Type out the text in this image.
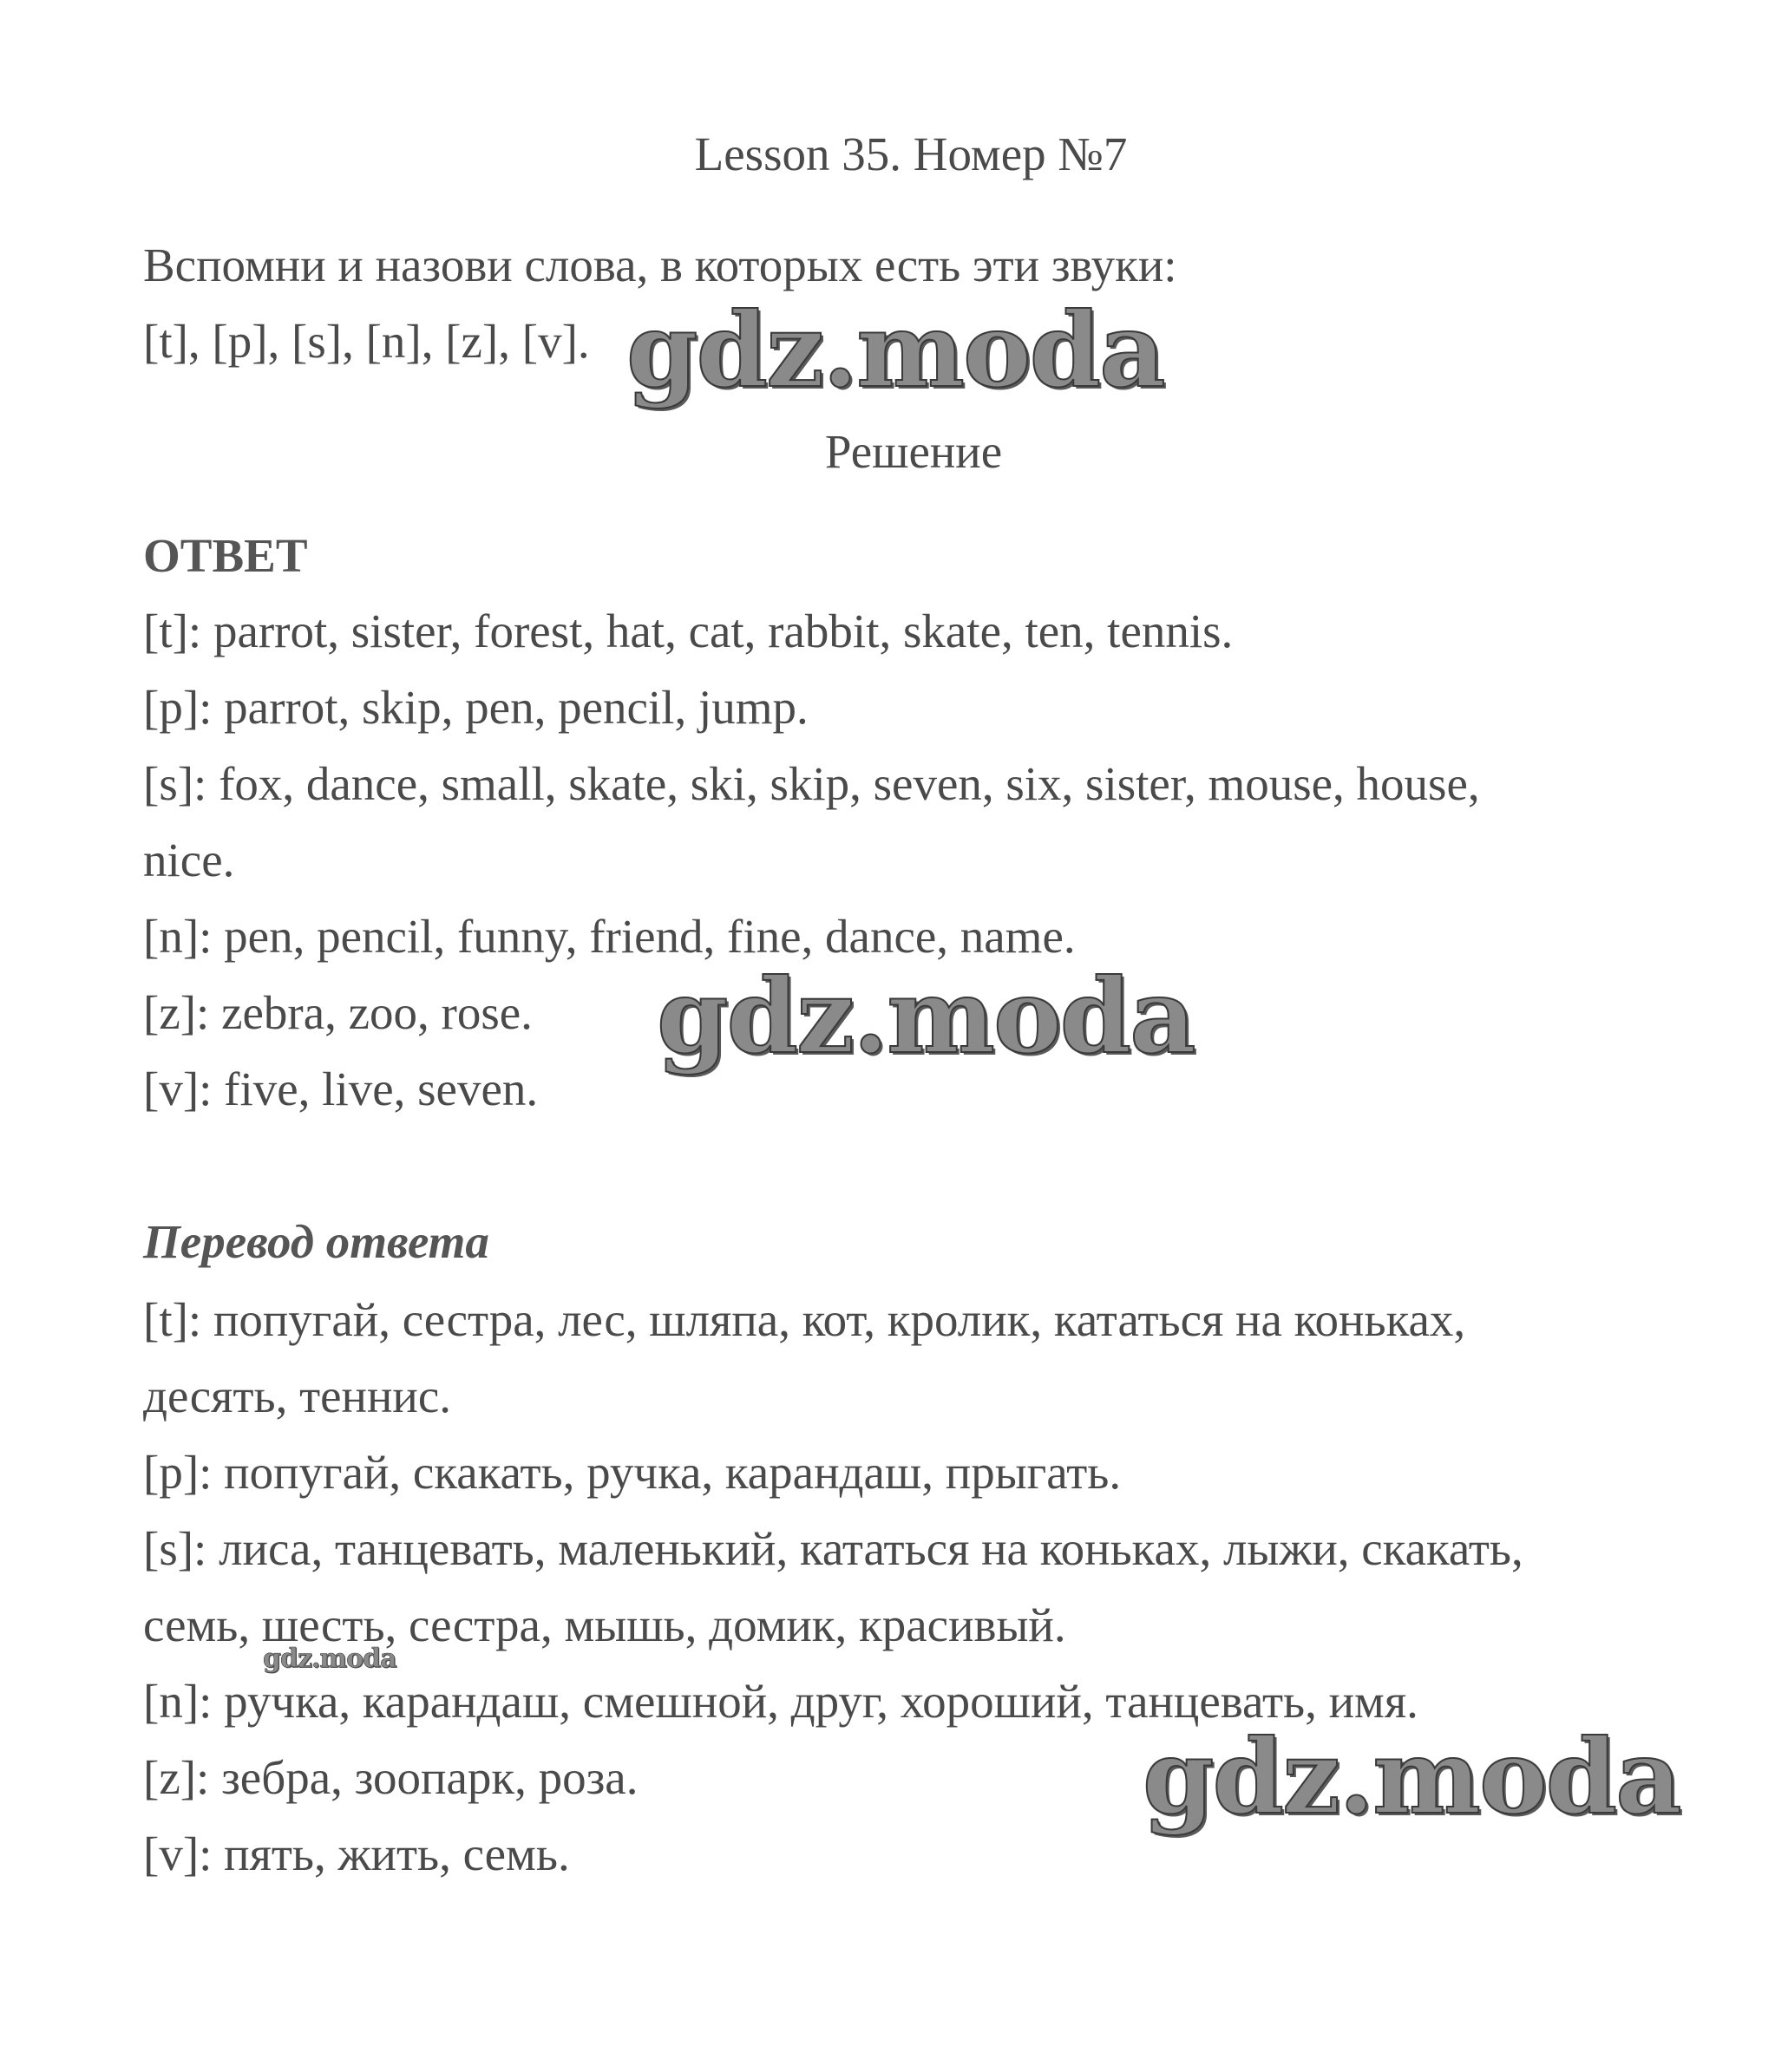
Lesson 35. Номер №7
Вспомни и назови слова, в которых есть эти звуки:
[t], [p], [s], [n], [z], [v]. gdz.moda
Решение
ОТВЕТ
[t]: parrot, sister, forest, hat, cat, rabbit, skate, ten, tennis.
[p]: parrot, skip, pen, pencil, jump.
[s]: fox, dance, small, skate, ski, skip, seven, six, sister, mouse, house,
nice.
[n]: pen, pencil, funny, friend, fine, dance, name.
[z]: zebra, zoo, rose.
[v]: five, live, seven.
gdz.moda
Перевод ответа
[t]: попугай, сестра, лес, шляпа, кот, кролик, кататься на коньках,
десять, теннис.
[p]: попугай, скакать, ручка, карандаш, прыгать.
[s]: лиса, танцевать, маленький, кататься на коньках, лыжи, скакать,
семь, шесть, сестра, мышь, домик, красивый.
[n]: ручка, карандаш, смешной, друг, хороший, танцевать, имя.
[z]: зебра, зоопарк, роза.
[v]: пять, жить, семь.
gdz.moda
gdz.moda
